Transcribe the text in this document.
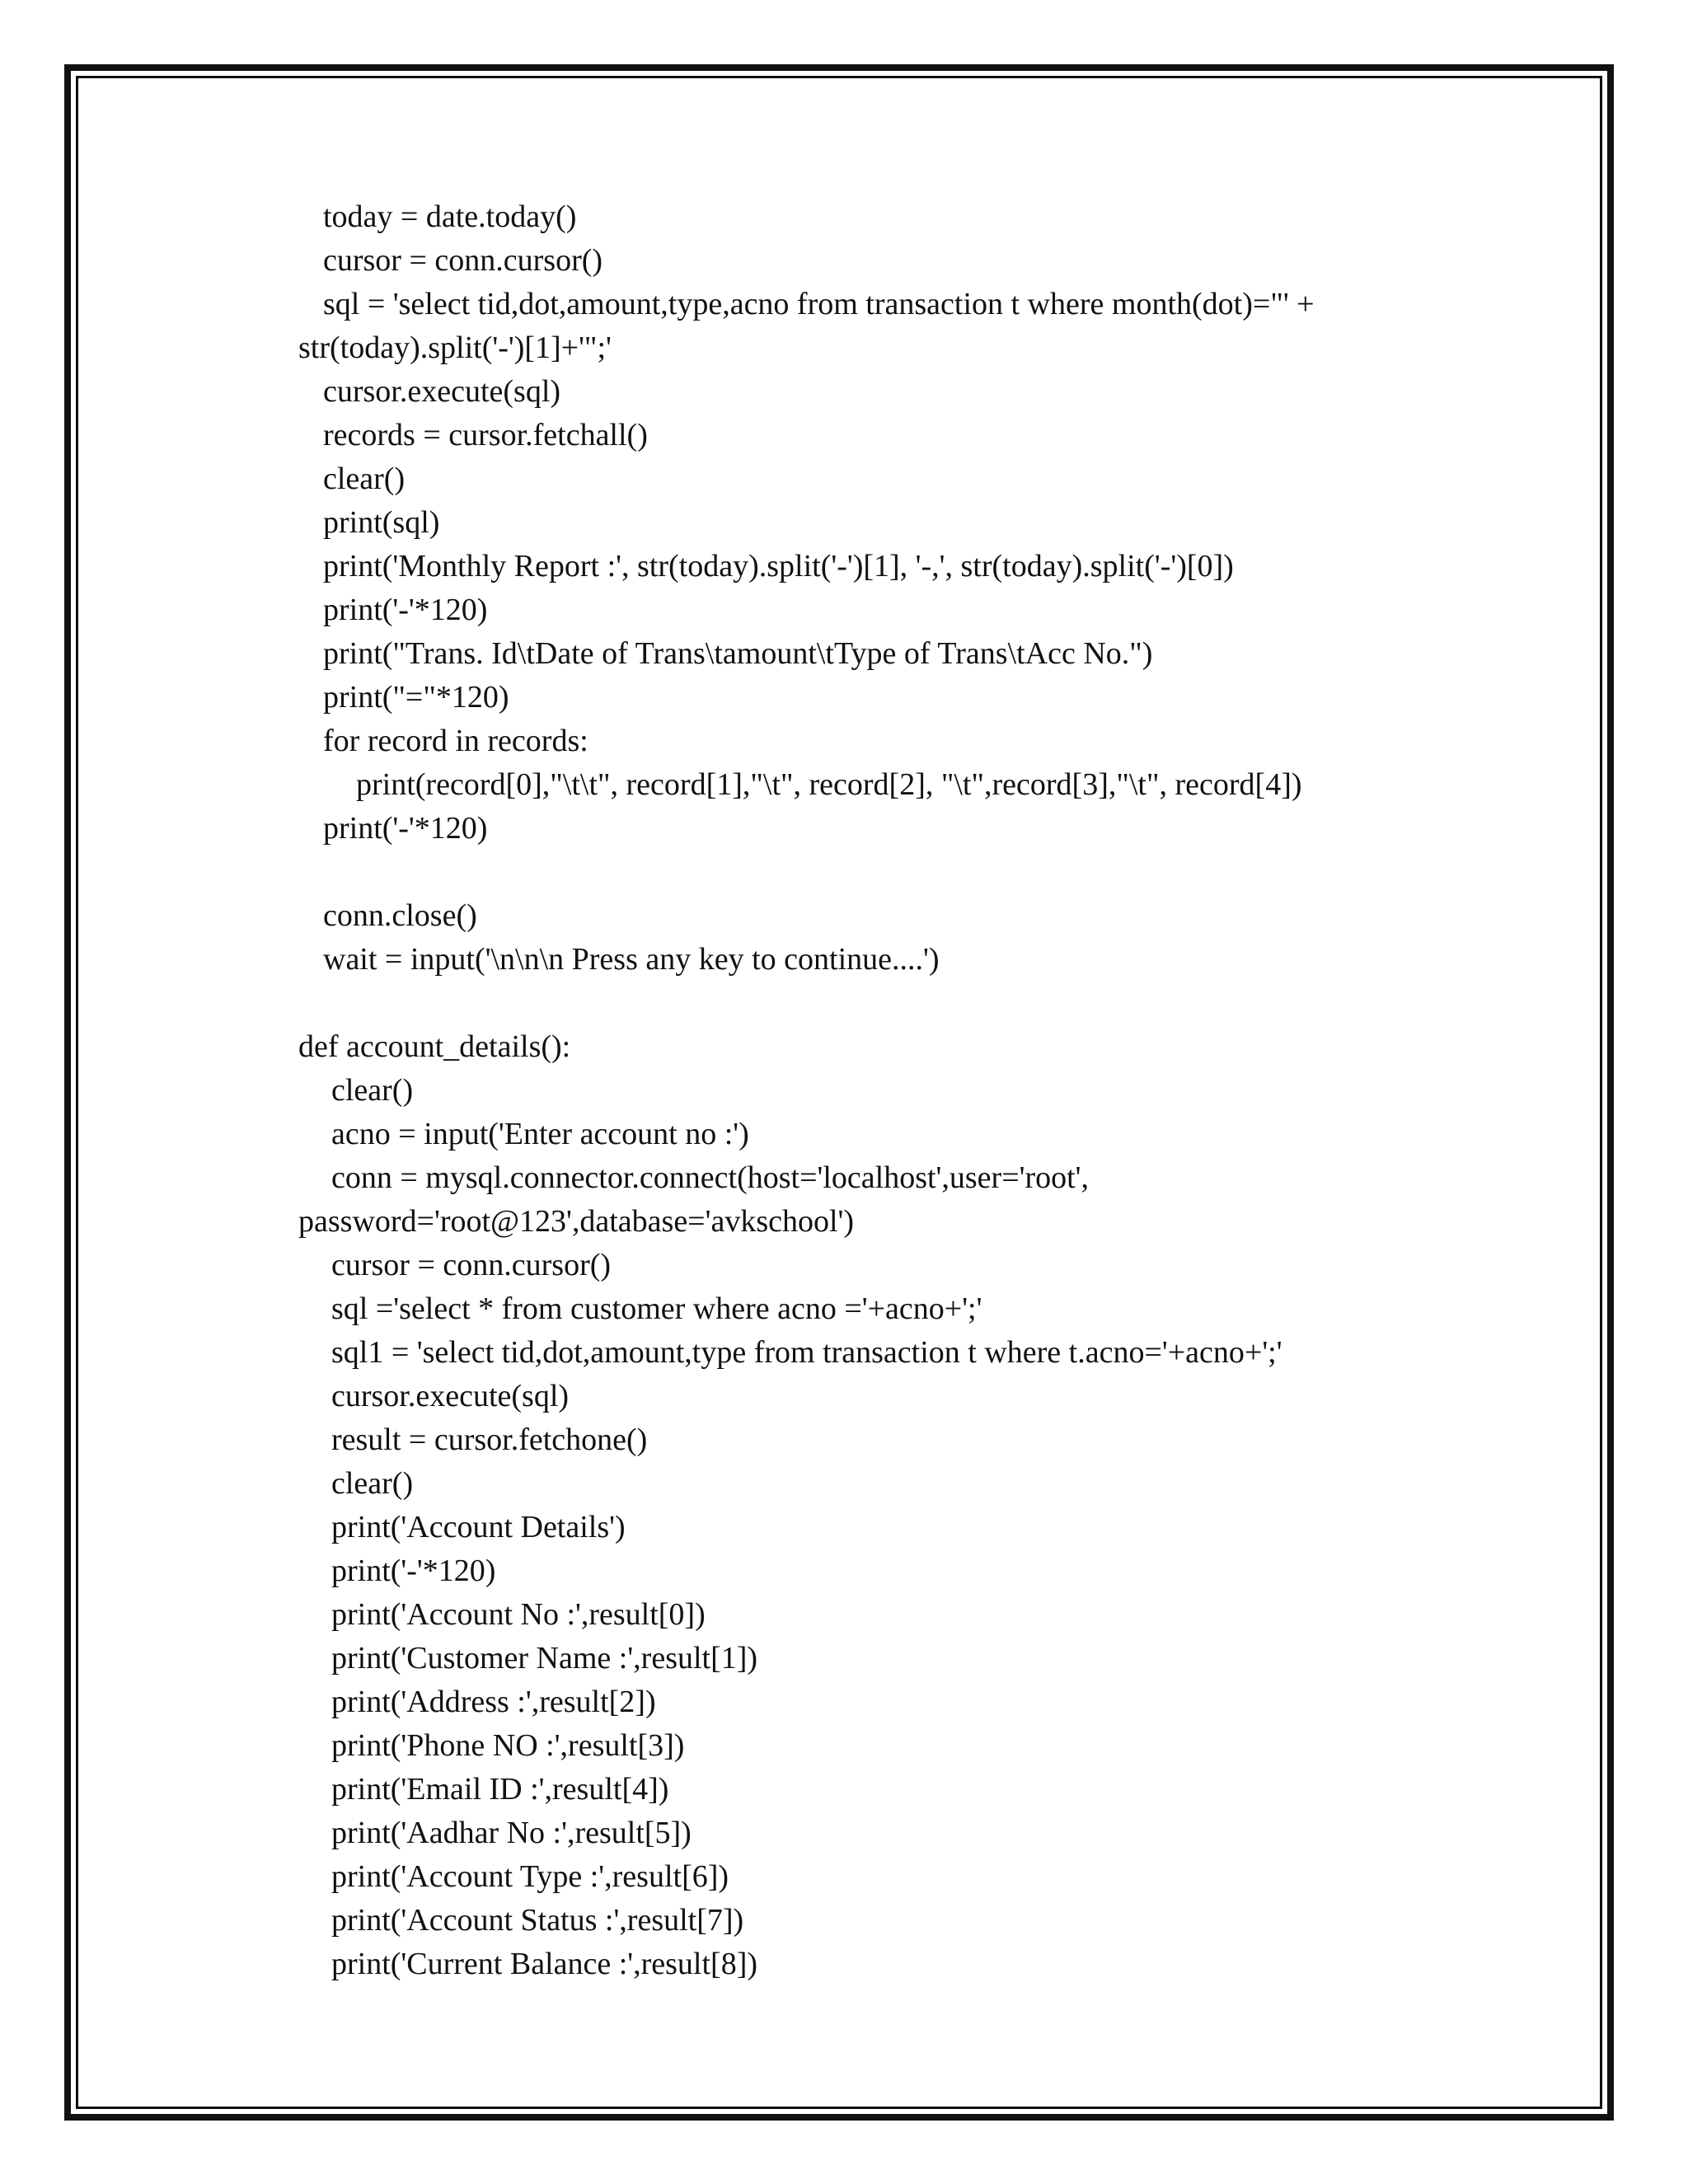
today = date.today()
cursor = conn.cursor()
sql = 'select tid,dot,amount,type,acno from transaction t where month(dot)="' +
str(today).split('-')[1]+'";'
cursor.execute(sql)
records = cursor.fetchall()
clear()
print(sql)
print('Monthly Report :', str(today).split('-')[1], '-,', str(today).split('-')[0])
print('-'*120)
print("Trans. Id\tDate of Trans\tamount\tType of Trans\tAcc No.")
print("="*120)
for record in records:
print(record[0],"\t\t", record[1],"\t", record[2], "\t",record[3],"\t", record[4])
print('-'*120)
conn.close()
wait = input('\n\n\n Press any key to continue....')
def account_details():
clear()
acno = input('Enter account no :')
conn = mysql.connector.connect(host='localhost',user='root',
password='root@123',database='avkschool')
cursor = conn.cursor()
sql ='select * from customer where acno ='+acno+';'
sql1 = 'select tid,dot,amount,type from transaction t where t.acno='+acno+';'
cursor.execute(sql)
result = cursor.fetchone()
clear()
print('Account Details')
print('-'*120)
print('Account No :',result[0])
print('Customer Name :',result[1])
print('Address :',result[2])
print('Phone NO :',result[3])
print('Email ID :',result[4])
print('Aadhar No :',result[5])
print('Account Type :',result[6])
print('Account Status :',result[7])
print('Current Balance :',result[8])
